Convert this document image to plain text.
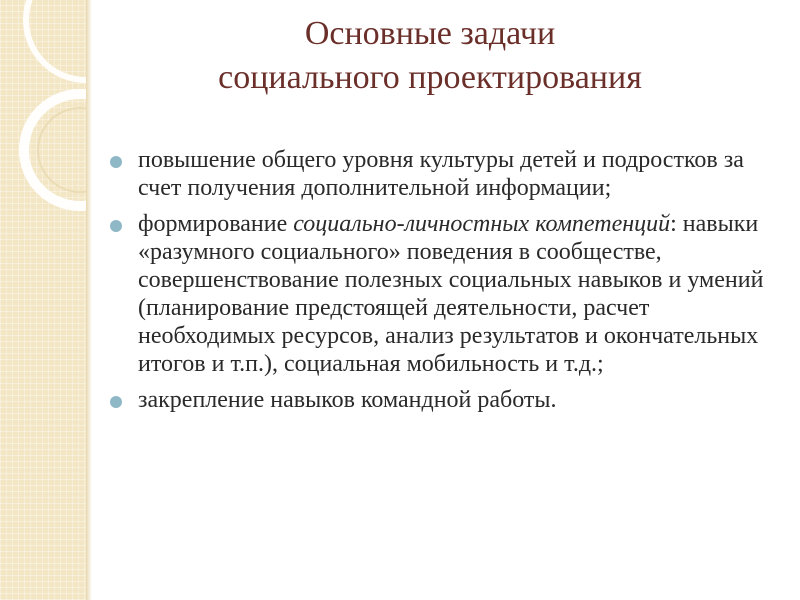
Основные задачи
социального проектирования
повышение общего уровня культуры детей и подростков за счет получения дополнительной информации;
формирование социально-личностных компетенций: навыки «разумного социального» поведения в сообществе, совершенствование полезных социальных навыков и умений (планирование предстоящей деятельности, расчет необходимых ресурсов, анализ результатов и окончательных итогов и т.п.), социальная мобильность и т.д.;
закрепление навыков командной работы.
